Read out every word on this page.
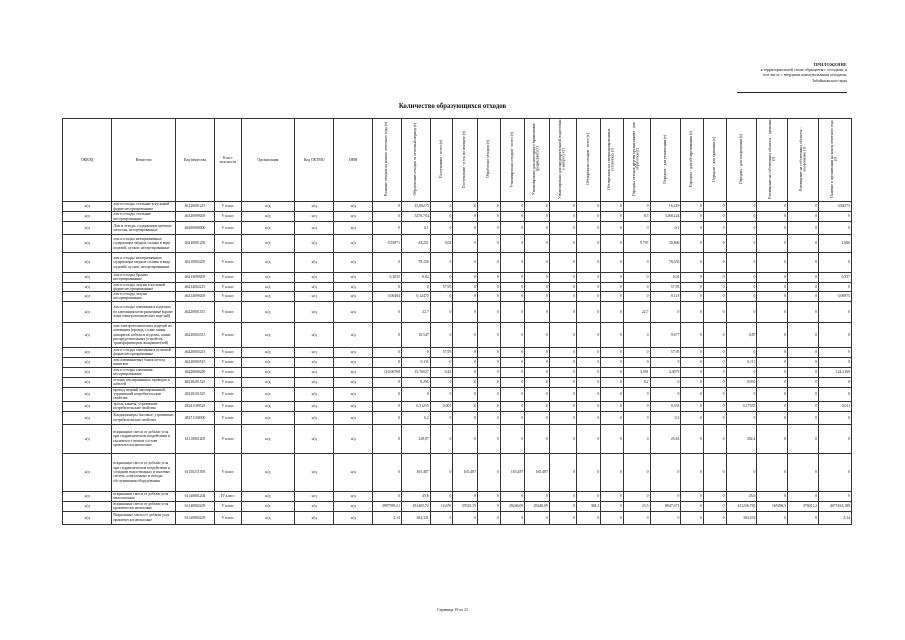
ПРИЛОЖЕНИЕ
к территориальной схеме обращения с отходами, в
том числе с твердыми коммунальными отходами,
Забайкальского края
Количество образующихся отходов
ОКВЭД	Вещество	Код вещества	Класс опасности	Организация	Код ОКТМО	ИНН	Наличие отходов на начало отчетного года (т)	Образование отходов за отчетный период (т)	Поступление - всего (т)	Поступление - в т.ч. по импорту (т)	Обработано отходов (т)	Утилизировано отходов - всего (т)	Утилизировано для повторного применения (рециклинг) (т)	Утилизировано для предварительной подготовки к выбросу (т)	Обезврежено отходов - всего (т)	Обезврежено на специализированных установках (т)	Передача отходов другим организациям - для обработки (т)	Передача - для утилизации (т)	Передача - для обезвреживания (т)	Передача - для хранения (т)	Передача - для захоронения (т)	Размещение на собственных объектах - хранение (т)	Размещение на собственных объектах - захоронение (т)	Наличие в организации на конец отчетного года (т)
н/д	лом и отходы стальные в кусковой форме несортированные	46120001215	V класс	н/д	н/д	н/д	0	15,06275	2	0	0	0	0	0	0	0	0	16,219	0	0	0	0	0	0,84375
н/д	лом и отходы стальные несортированные	46120099205	V класс	н/д	н/д	н/д	0	5276,704	0	0	0	0	0	0	0	0	8,5	5268,224	0	0	0	0	0	0
н/д	Лом и отходы, содержащие цветные металлы, несортированные	46200000000	V класс	н/д	н/д	н/д	0	0,1	0	0	0	0	0	0	0	0	0	0,1	0	0	0	0	0	0
н/д	лом и отходы незагрязненные, содержащие медные сплавы в виде изделий, кусков, несортированные	46210001205	V класс	н/д	н/д	н/д	0,55871	43,251	0,04	0	0	0	0	0	0	0	9,797	30,806	0	0	0	0	0	2,686
н/д	лом и отходы незагрязненные, содержащие медные сплавы в виде изделий, кусков, несортированные	46210002205	V класс	н/д	н/д	н/д	0	78,356	0	0	0	0	0	0	0	0	0	78,356	0	0	0	0	0	0
н/д	лом и отходы бронзы несортированные	46213099205	V класс	н/д	н/д	н/д	0,2035	0,02	0	0	0	0	0	0	0	0	0	0,02	0	0	0	0	0	0,337
н/д	лом и отходы латуни в кусковой форме несортированные	46214002215	V класс	н/д	н/д	н/д	0	0	57,95	0	0	0	0	0	0	0	0	57,95	0	0	0	0	0	0
н/д	лом и отходы латуни несортированные	46214099205	V класс	н/д	н/д	н/д	0,00494	0,12475	0	0	0	0	0	0	0	0	0	0,121	0	0	0	0	0	0,00875
н/д	лом и отходы алюминия в изделиях из алюминия незагрязненные (кроме лома электротехнических изделий)	46220001515	V класс	н/д	н/д	н/д	0	22,7	0	0	0	0	0	0	0	0	22,7	0	0	0	0	0	0	0
н/д	лом электротехнических изделий из алюминия (провод, голые шины аппаратов, кабели и изделия, шины распределительных устройств, трансформаторов, выпрямителей)	46220002515	V класс	н/д	н/д	н/д	0	10,547	0	0	0	0	0	0	0	0	0	9,677	0	0	0,87	0	0	0
н/д	лом и отходы алюминия в кусковой форме несортированные	46220003215	V класс	н/д	н/д	н/д	0	0	57,95	0	0	0	0	0	0	0	0	57,95	0	0	0	0	0	0
н/д	лом алюминиевых банок из-под напитков	46220005515	V класс	н/д	н/д	н/д	0	0,111	0	0	0	0	0	0	0	0	0	0	0	0	0,111	0	0	0
н/д	лом и отходы алюминия несортированные	46220006205	V класс	н/д	н/д	н/д	116,06768	15,76027	0,42	0	0	0	0	0	0	0	3,591	4,4073	0	0	0	0	0	124,2169
н/д	отходы изолированных проводов и кабелей	48230201525	V класс	н/д	н/д	н/д	0	0,291	0	0	0	0	0	0	0	0	0,2	0	0	0	0,091	0	0	0
н/д	провод медный эмалированный, утративший потребительские свойства	48230101525	V класс	н/д	н/д	н/д	0	0	0	0	0	0	0	0	0	0	0	0	0	0	0	0	0	0
н/д	тросы, канаты, утратившие потребительские свойства	48241109525	V класс	н/д	н/д	н/д	0	0,51255	0,001	0	0	0	0	0	0	0	0	0,335	0	0	0,17355	0	0	0,011
н/д	Кондиционеры бытовые, утратившие потребительские свойства	48271100000	V класс	н/д	н/д	н/д	0	0,2	0	0	0	0	0	0	0	0	0	0,2	0	0	0	0	0	0
н/д	вскрышные смеси от добычи угля при гидравлическом воздействии и пылевом и газовом составе практически неопасные	61110001205	V класс	н/д	н/д	н/д	0	328,07	0	0	0	0	0	0	0	0	0	25,63	0	0	302,4	0	0	0
н/д	вскрышные смеси от добычи угля при гидравлическом воздействии и создании водоотводных и пылевых систем, осветленные и отходы обслуживания оборудования	61150211395	V класс	н/д	н/д	н/д	0	165,487	0	165,487	0	165,487	165,487	0	0	0	0	0	0	0	0	0	0	0
н/д	вскрышные смеси от добычи угля малоопасные	61140001204	IV класс	н/д	н/д	н/д	0	45,6	0	0	0	0	0	0	0	0	0	0	0	0	45,6	0	0	0
н/д	вскрышные смеси от добычи угля практически неопасные	61140002205	V класс	н/д	н/д	н/д	3997599,21	451405,72	12,676	37025,35	0	29246,09	29246,09	0	384,3	0	23,5	8047,671	0	0	411236,765	165296,5	376011,2	4075163,189
н/д	Вскрышные смеси от добычи угля практически неопасные	61140002205	V класс	н/д	н/д	н/д	2,14	304,331	0	0	0	0	0	0	0	0	0	0	0	0	304,331	0	0	2,14
Страница 19 из 21
